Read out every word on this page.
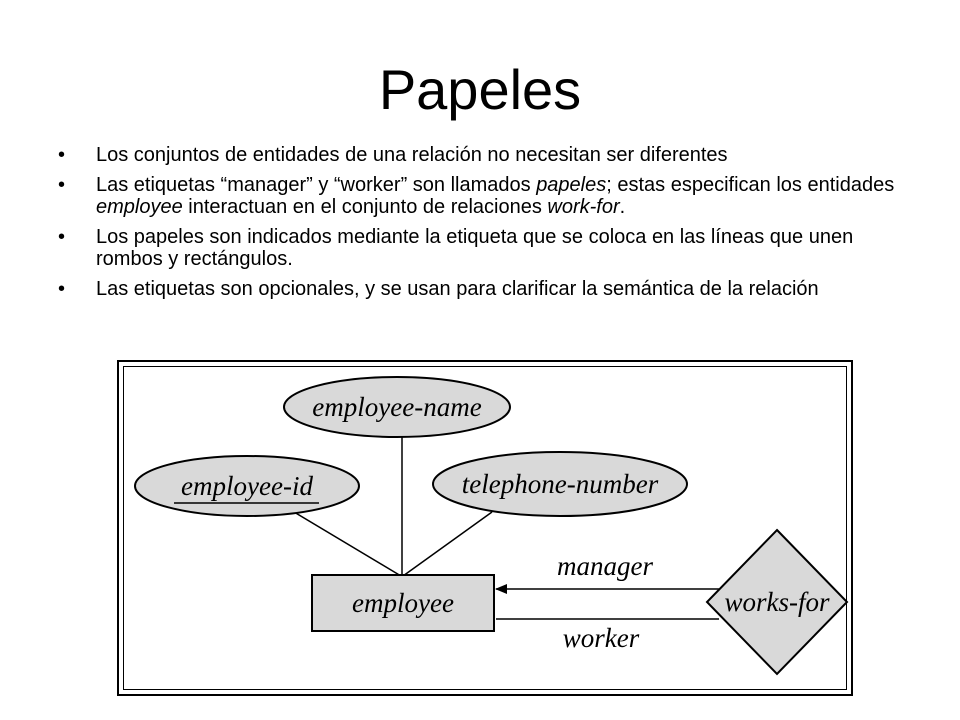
Papeles
• Los conjuntos de entidades de una relación no necesitan ser diferentes
• Las etiquetas “manager” y “worker” son llamados papeles; estas especifican los entidades employee interactuan en el conjunto de relaciones work-for.
• Los papeles son indicados mediante la etiqueta que se coloca en las líneas que unen rombos y rectángulos.
• Las etiquetas son opcionales, y se usan para clarificar la semántica de la relación
employee-name
employee-id	telephone-number
employee	works-for
manager
worker
